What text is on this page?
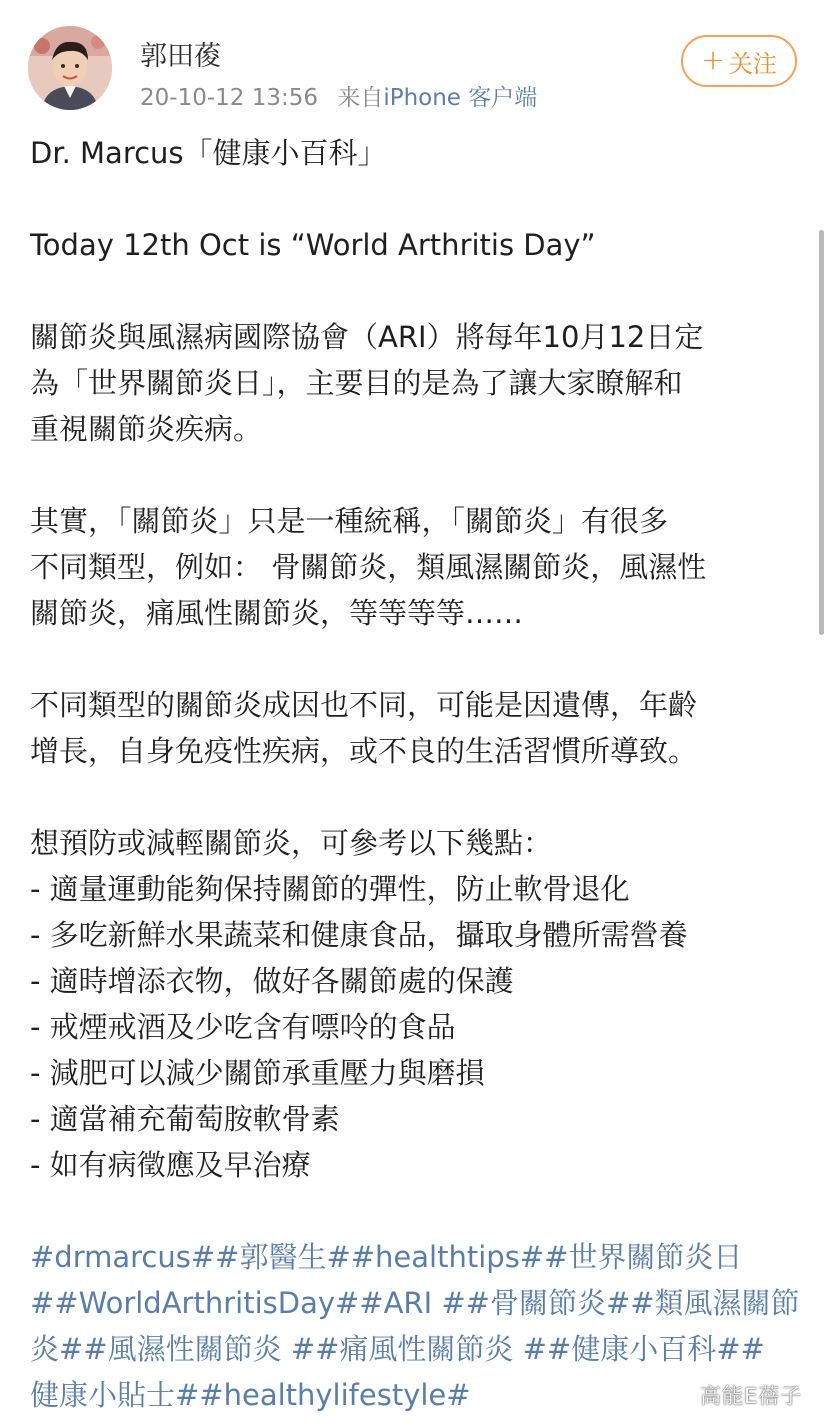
郭田葰
20-10-12 13:56 来自iPhone 客户端
+ 关注
Dr. Marcus「健康小百科」
Today 12th Oct is “World Arthritis Day”
關節炎與風濕病國際協會（ARI）將每年10月12日定
為「世界關節炎日」，主要目的是為了讓大家瞭解和
重視關節炎疾病。
其實，「關節炎」只是一種統稱，「關節炎」有很多
不同類型，例如： 骨關節炎，類風濕關節炎，風濕性
關節炎，痛風性關節炎，等等等等……
不同類型的關節炎成因也不同，可能是因遺傳，年齡
增長，自身免疫性疾病，或不良的生活習慣所導致。
想預防或減輕關節炎，可參考以下幾點：
- 適量運動能夠保持關節的彈性，防止軟骨退化
- 多吃新鮮水果蔬菜和健康食品，攝取身體所需營養
- 適時增添衣物，做好各關節處的保護
- 戒煙戒酒及少吃含有嘌呤的食品
- 減肥可以減少關節承重壓力與磨損
- 適當補充葡萄胺軟骨素
- 如有病徵應及早治療
#drmarcus##郭醫生##healthtips##世界關節炎日
##WorldArthritisDay##ARI ##骨關節炎##類風濕關節
炎##風濕性關節炎 ##痛風性關節炎 ##健康小百科##
健康小貼士##healthylifestyle#	高能E蓓子
